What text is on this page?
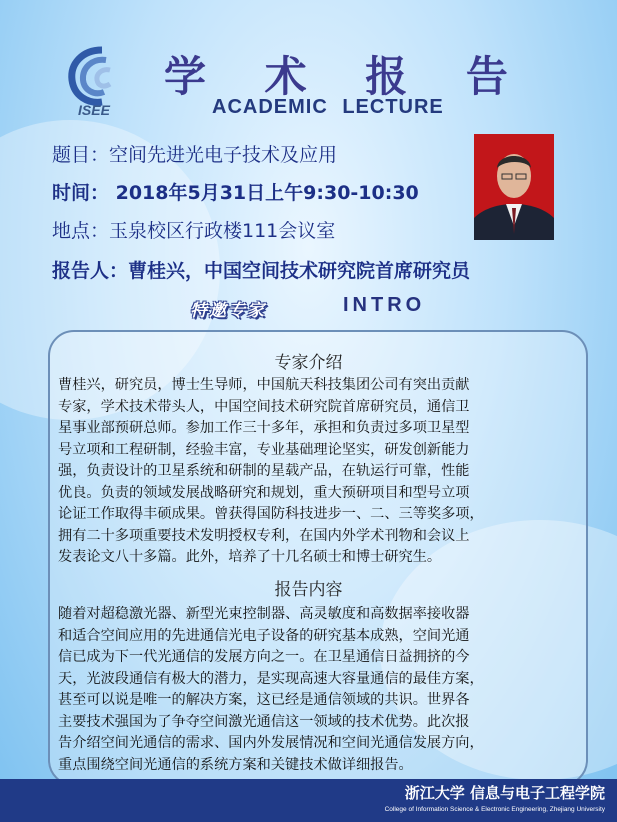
ISEE
学 术 报 告
ACADEMIC LECTURE
题目：空间先进光电子技术及应用
时间： 2018年5月31日上午9:30-10:30
地点：玉泉校区行政楼111会议室
报告人：曹桂兴，中国空间技术研究院首席研究员
特邀专家	INTRO
专家介绍
曹桂兴，研究员，博士生导师，中国航天科技集团公司有突出贡献
专家，学术技术带头人，中国空间技术研究院首席研究员，通信卫
星事业部预研总师。参加工作三十多年，承担和负责过多项卫星型
号立项和工程研制，经验丰富，专业基础理论坚实，研发创新能力
强，负责设计的卫星系统和研制的星载产品，在轨运行可靠，性能
优良。负责的领域发展战略研究和规划，重大预研项目和型号立项
论证工作取得丰硕成果。曾获得国防科技进步一、二、三等奖多项，
拥有二十多项重要技术发明授权专利，在国内外学术刊物和会议上
发表论文八十多篇。此外，培养了十几名硕士和博士研究生。
报告内容
随着对超稳激光器、新型光束控制器、高灵敏度和高数据率接收器
和适合空间应用的先进通信光电子设备的研究基本成熟，空间光通
信已成为下一代光通信的发展方向之一。在卫星通信日益拥挤的今
天，光波段通信有极大的潜力，是实现高速大容量通信的最佳方案，
甚至可以说是唯一的解决方案，这已经是通信领域的共识。世界各
主要技术强国为了争夺空间激光通信这一领域的技术优势。此次报
告介绍空间光通信的需求、国内外发展情况和空间光通信发展方向，
重点围绕空间光通信的系统方案和关键技术做详细报告。
浙江大学 信息与电子工程学院
College of Information Science & Electronic Engineering, Zhejiang University
